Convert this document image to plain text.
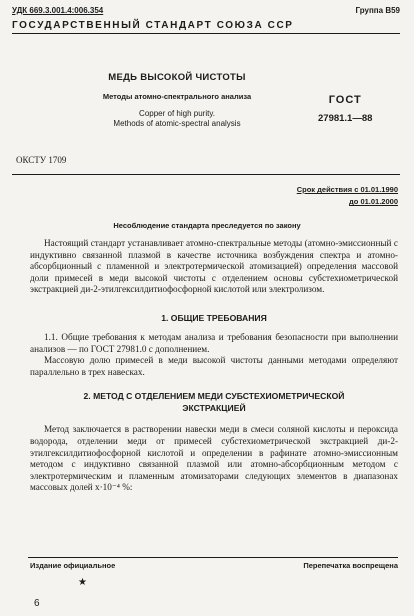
УДК 669.3.001.4:006.354	Группа В59
ГОСУДАРСТВЕННЫЙ СТАНДАРТ СОЮЗА ССР
МЕДЬ ВЫСОКОЙ ЧИСТОТЫ
Методы атомно-спектрального анализа
Copper of high purity.
Methods of atomic-spectral analysis
ГОСТ
27981.1—88
ОКСТУ 1709
Срок действия с 01.01.1990
до 01.01.2000
Несоблюдение стандарта преследуется по закону

Настоящий стандарт устанавливает атомно-спектральные методы (атомно-эмиссионный с индуктивно связанной плазмой в качестве источника возбуждения спектра и атомно-абсорбционный с пламенной и электротермической атомизацией) определения массовой доли примесей в меди высокой чистоты с отделением основы субстехиометрической экстракцией ди-2-этилгексилдитиофосфорной кислотой или электролизом.

1. ОБЩИЕ ТРЕБОВАНИЯ

1.1. Общие требования к методам анализа и требования безопасности при выполнении анализов — по ГОСТ 27981.0 с дополнением.

Массовую долю примесей в меди высокой чистоты данными методами определяют параллельно в трех навесках.

2. МЕТОД С ОТДЕЛЕНИЕМ МЕДИ СУБСТЕХИОМЕТРИЧЕСКОЙ
ЭКСТРАКЦИЕЙ

Метод заключается в растворении навески меди в смеси соляной кислоты и пероксида водорода, отделении меди от примесей субстехиометрической экстракцией ди-2-этилгексилдитиофосфорной кислотой и определении в рафинате атомно-эмиссионным методом с индуктивно связанной плазмой или атомно-абсорбционным методом с электротермическим и пламенным атомизаторами следующих элементов в диапазонах массовых долей x·10⁻⁴ %:

Издание официальное	Перепечатка воспрещена
★
6
